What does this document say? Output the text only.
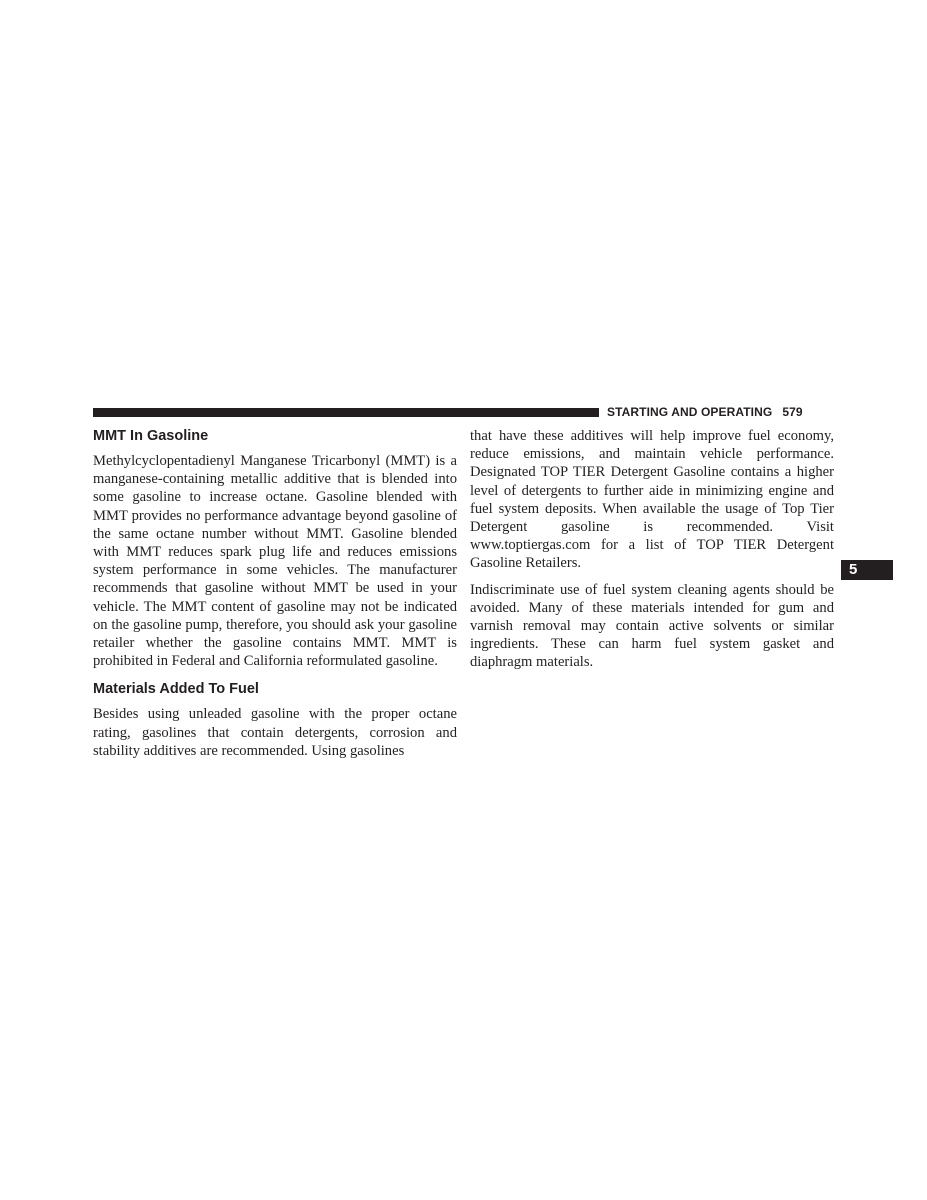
STARTING AND OPERATING 579
5
MMT In Gasoline

Methylcyclopentadienyl Manganese Tricarbonyl (MMT) is a manganese-containing metallic additive that is blended into some gasoline to increase octane. Gasoline blended with MMT provides no performance advantage beyond gasoline of the same octane number without MMT. Gasoline blended with MMT reduces spark plug life and reduces emissions system performance in some vehicles. The manufacturer recommends that gasoline without MMT be used in your vehicle. The MMT content of gasoline may not be indicated on the gasoline pump, therefore, you should ask your gasoline retailer whether the gasoline contains MMT. MMT is prohibited in Federal and California reformulated gasoline.

Materials Added To Fuel

Besides using unleaded gasoline with the proper octane rating, gasolines that contain detergents, corrosion and stability additives are recommended. Using gasolines

that have these additives will help improve fuel economy, reduce emissions, and maintain vehicle performance. Designated TOP TIER Detergent Gasoline contains a higher level of detergents to further aide in minimizing engine and fuel system deposits. When available the usage of Top Tier Detergent gasoline is recommended. Visit www.toptiergas.com for a list of TOP TIER Detergent Gasoline Retailers.

Indiscriminate use of fuel system cleaning agents should be avoided. Many of these materials intended for gum and varnish removal may contain active solvents or similar ingredients. These can harm fuel system gasket and diaphragm materials.
